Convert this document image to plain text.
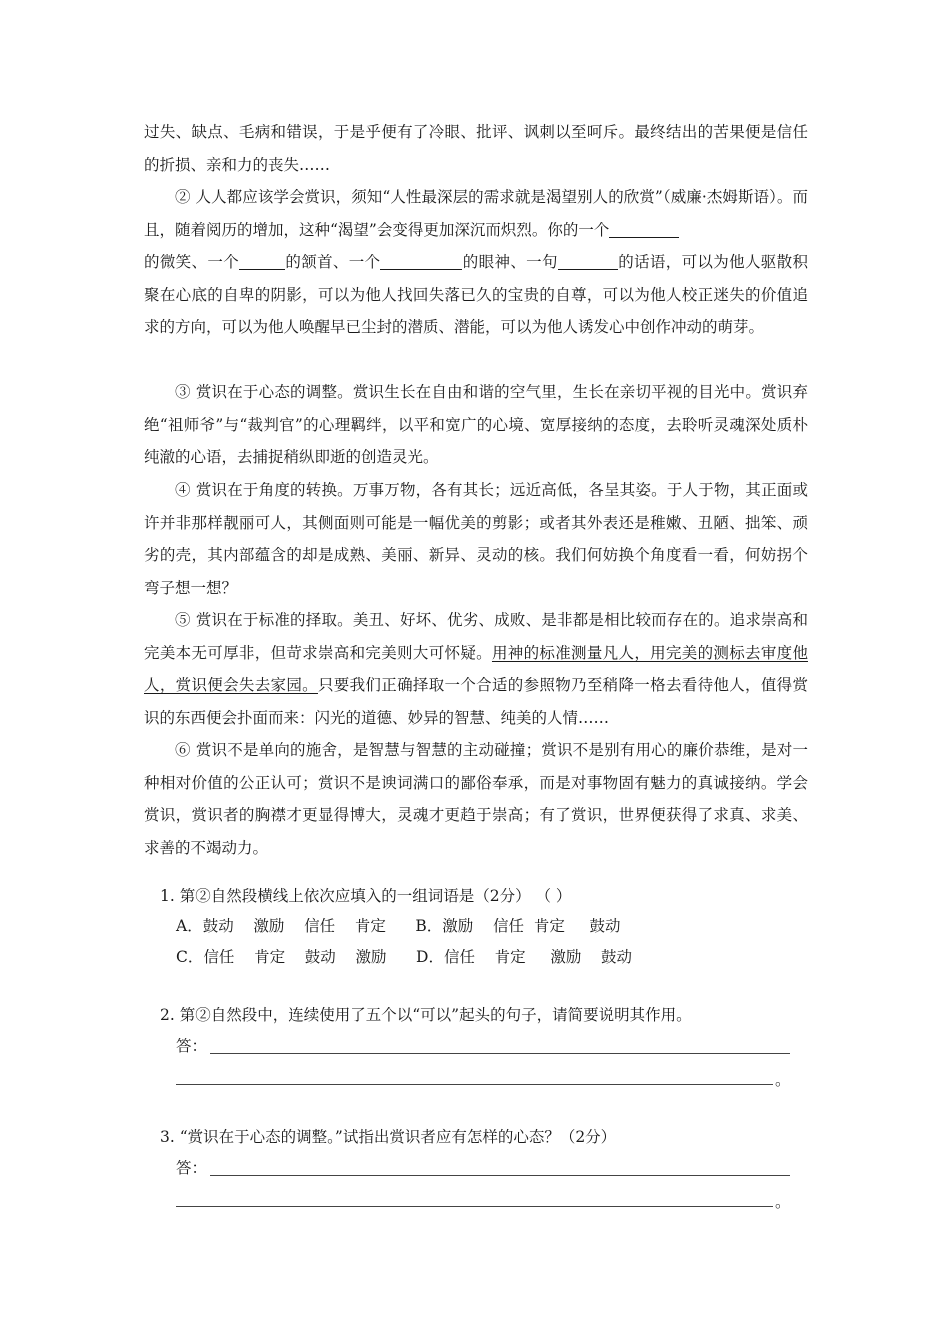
过失、缺点、毛病和错误，于是乎便有了冷眼、批评、讽刺以至呵斥。最终结出的苦果便是信任的折损、亲和力的丧失……

② 人人都应该学会赏识，须知“人性最深层的需求就是渴望别人的欣赏”（威廉·杰姆斯语）。而且，随着阅历的增加，这种“渴望”会变得更加深沉而炽烈。你的一个
的微笑、一个	的颔首、一个	的眼神、一句	的话语，可以为他人驱散积聚在心底的自卑的阴影，可以为他人找回失落已久的宝贵的自尊，可以为他人校正迷失的价值追求的方向，可以为他人唤醒早已尘封的潜质、潜能，可以为他人诱发心中创作冲动的萌芽。

③ 赏识在于心态的调整。赏识生长在自由和谐的空气里，生长在亲切平视的目光中。赏识弃绝“祖师爷”与“裁判官”的心理羁绊，以平和宽广的心境、宽厚接纳的态度，去聆听灵魂深处质朴纯澈的心语，去捕捉稍纵即逝的创造灵光。

④ 赏识在于角度的转换。万事万物，各有其长；远近高低，各呈其姿。于人于物，其正面或许并非那样靓丽可人，其侧面则可能是一幅优美的剪影；或者其外表还是稚嫩、丑陋、拙笨、顽劣的壳，其内部蕴含的却是成熟、美丽、新异、灵动的核。我们何妨换个角度看一看，何妨拐个弯子想一想？

⑤ 赏识在于标准的择取。美丑、好坏、优劣、成败、是非都是相比较而存在的。追求崇高和完美本无可厚非，但苛求崇高和完美则大可怀疑。用神的标准测量凡人，用完美的测标去审度他人，赏识便会失去家园。只要我们正确择取一个合适的参照物乃至稍降一格去看待他人，值得赏识的东西便会扑面而来：闪光的道德、妙异的智慧、纯美的人情……

⑥ 赏识不是单向的施舍，是智慧与智慧的主动碰撞；赏识不是别有用心的廉价恭维，是对一种相对价值的公正认可；赏识不是谀词满口的鄙俗奉承，而是对事物固有魅力的真诚接纳。学会赏识，赏识者的胸襟才更显得博大，灵魂才更趋于崇高；有了赏识，世界便获得了求真、求美、求善的不竭动力。

1. 第②自然段横线上依次应填入的一组词语是（2分） （ ）
A．鼓动    激励    信任    肯定      B．激励    信任  肯定     鼓动
C．信任    肯定    鼓动    激励      D．信任    肯定     激励    鼓动
2. 第②自然段中，连续使用了五个以“可以”起头的句子，请简要说明其作用。
答：
。
3. “赏识在于心态的调整。”试指出赏识者应有怎样的心态？（2分）
答：
。
